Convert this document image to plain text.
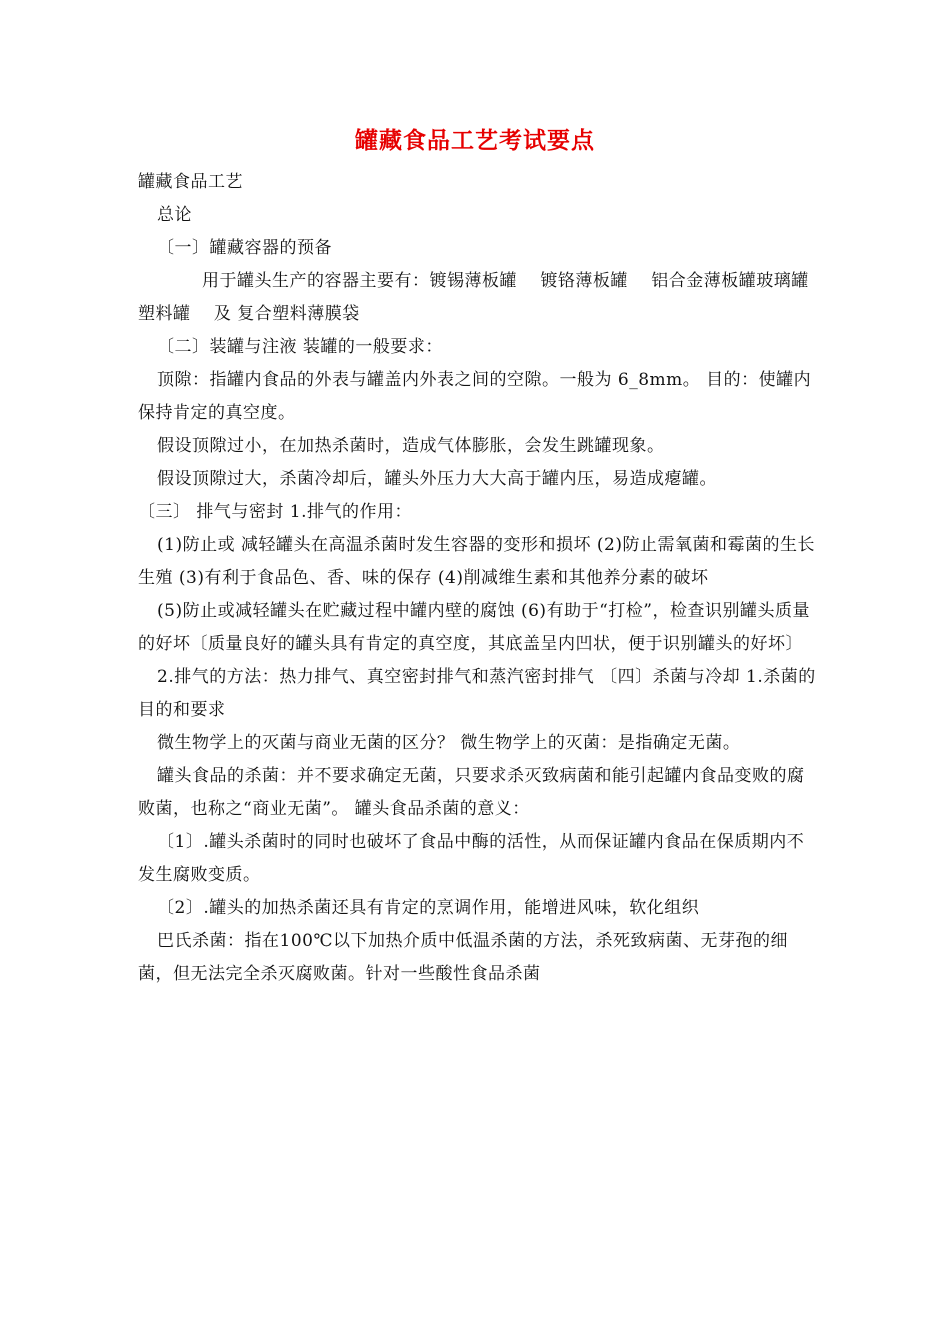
罐藏食品工艺考试要点

罐藏食品工艺

总论

〔一〕罐藏容器的预备

用于罐头生产的容器主要有：镀锡薄板罐　 镀铬薄板罐　 铝合金薄板罐玻璃罐　塑料罐　 及 复合塑料薄膜袋

〔二〕装罐与注液 装罐的一般要求：

顶隙：指罐内食品的外表与罐盖内外表之间的空隙。一般为 6_8mm。 目的：使罐内保持肯定的真空度。

假设顶隙过小，在加热杀菌时，造成气体膨胀，会发生跳罐现象。

假设顶隙过大，杀菌冷却后，罐头外压力大大高于罐内压，易造成瘪罐。

〔三〕 排气与密封 1.排气的作用：

(1)防止或 减轻罐头在高温杀菌时发生容器的变形和损坏 (2)防止需氧菌和霉菌的生长生殖 (3)有利于食品色、香、味的保存 (4)削减维生素和其他养分素的破坏

(5)防止或减轻罐头在贮藏过程中罐内壁的腐蚀 (6)有助于“打检”，检查识别罐头质量的好坏〔质量良好的罐头具有肯定的真空度，其底盖呈内凹状，便于识别罐头的好坏〕

2.排气的方法：热力排气、真空密封排气和蒸汽密封排气 〔四〕杀菌与冷却 1.杀菌的目的和要求

微生物学上的灭菌与商业无菌的区分？ 微生物学上的灭菌：是指确定无菌。

罐头食品的杀菌：并不要求确定无菌，只要求杀灭致病菌和能引起罐内食品变败的腐败菌，也称之“商业无菌”。 罐头食品杀菌的意义：

〔1〕.罐头杀菌时的同时也破坏了食品中酶的活性，从而保证罐内食品在保质期内不发生腐败变质。

〔2〕.罐头的加热杀菌还具有肯定的烹调作用，能增进风味，软化组织

巴氏杀菌：指在100℃以下加热介质中低温杀菌的方法，杀死致病菌、无芽孢的细菌，但无法完全杀灭腐败菌。针对一些酸性食品杀菌
